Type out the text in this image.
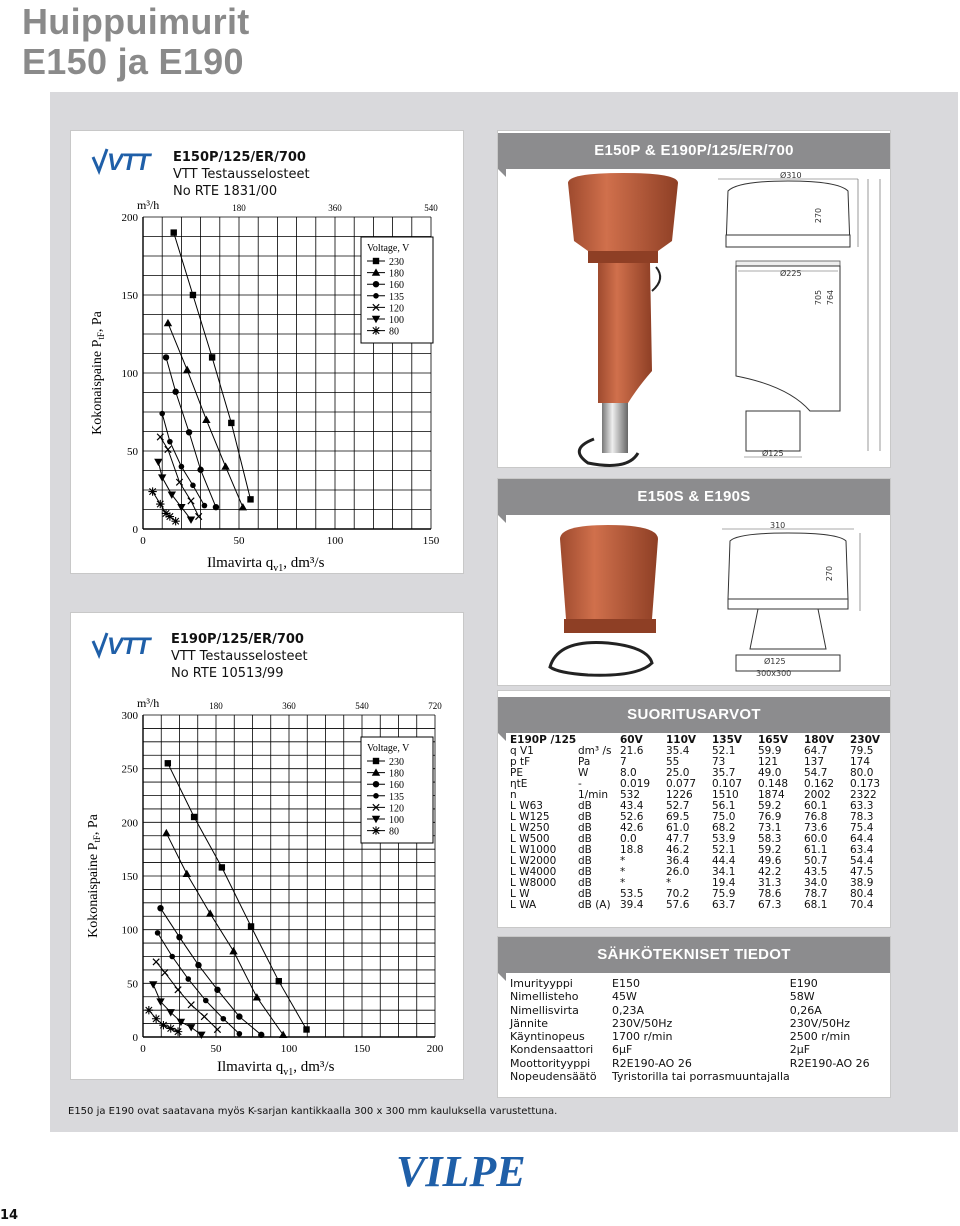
Huippuimurit
E150 ja E190
VTT E150P/125/ER/700
VTT Testausselosteet
No RTE 1831/00
0
50
100
150
200
0	50	100	150
m³/h	180	360	540
Kokonaispaine $P_{tF}$, Pa
Ilmavirta $q_{v1}$, dm³/s
Voltage, V
230
180
160
135
120
100
80
VTT E190P/125/ER/700
VTT Testausselosteet
No RTE 10513/99
0
50
100
150
200
250
300
0	50	100	150	200
m³/h	180	360	540	720
Kokonaispaine $P_{tF}$, Pa
Ilmavirta $q_{v1}$, dm³/s
Voltage, V
230
180
160
135
120
100
80
E150P & E190P/125/ER/700
Ø310
Ø225
Ø125
270
705 764
E150S & E190S
310
270
Ø125
300x300
SUORITUSARVOT
E190P /125		60V	110V	135V	165V	180V	230V
q V1	dm³ /s	21.6	35.4	52.1	59.9	64.7	79.5
p tF	Pa	7	55	73	121	137	174
PE	W	8.0	25.0	35.7	49.0	54.7	80.0
ηtE	-	0.019	0.077	0.107	0.148	0.162	0.173
n	1/min	532	1226	1510	1874	2002	2322
L W63	dB	43.4	52.7	56.1	59.2	60.1	63.3
L W125	dB	52.6	69.5	75.0	76.9	76.8	78.3
L W250	dB	42.6	61.0	68.2	73.1	73.6	75.4
L W500	dB	0.0	47.7	53.9	58.3	60.0	64.4
L W1000	dB	18.8	46.2	52.1	59.2	61.1	63.4
L W2000	dB	*	36.4	44.4	49.6	50.7	54.4
L W4000	dB	*	26.0	34.1	42.2	43.5	47.5
L W8000	dB	*	*	19.4	31.3	34.0	38.9
L W	dB	53.5	70.2	75.9	78.6	78.7	80.4
L WA	dB (A)	39.4	57.6	63.7	67.3	68.1	70.4
SÄHKÖTEKNISET TIEDOT
Imurityyppi	E150	E190
Nimellisteho	45W	58W
Nimellisvirta	0,23A	0,26A
Jännite	230V/50Hz	230V/50Hz
Käyntinopeus	1700 r/min	2500 r/min
Kondensaattori	6µF	2µF
Moottorityyppi	R2E190-AO 26	R2E190-AO 26
Nopeudensäätö	Tyristorilla tai porrasmuuntajalla	
E150 ja E190 ovat saatavana myös K-sarjan kantikkaalla 300 x 300 mm kauluksella varustettuna.
VILPE
14
